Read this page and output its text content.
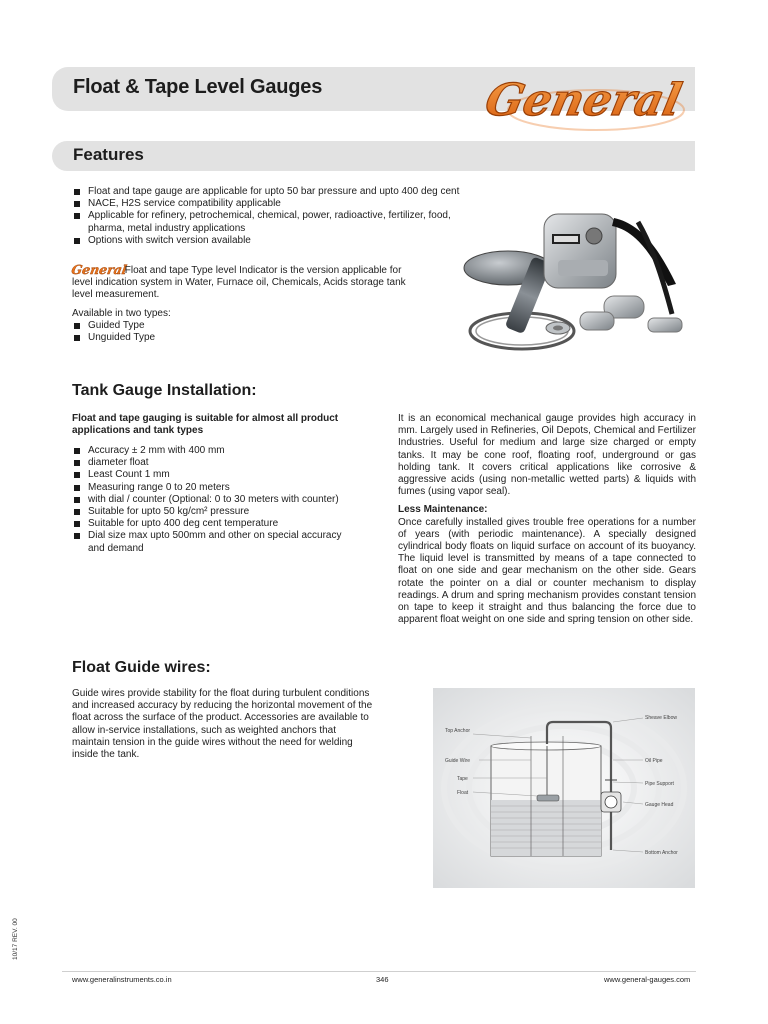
Float & Tape Level Gauges	General
Features
Float and tape gauge are applicable for upto 50 bar pressure and upto 400 deg cent
NACE, H2S service compatibility applicable
Applicable for refinery, petrochemical, chemical, power, radioactive, fertilizer, food,
pharma, metal industry applications
Options with switch version available
General
Float and tape Type level Indicator is the version applicable for level indication system in Water, Furnace oil, Chemicals, Acids storage tank level measurement.
Available in two types:
Guided Type
Unguided Type
Tank Gauge Installation:
Float and tape gauging is suitable for almost all product applications and tank types
Accuracy ± 2 mm with 400 mm
diameter float
Least Count 1 mm
Measuring range 0 to 20 meters
with dial / counter (Optional: 0 to 30 meters with counter)
Suitable for upto 50 kg/cm² pressure
Suitable for upto 400 deg cent temperature
Dial size max upto 500mm and other on special accuracy
and demand

It is an economical mechanical gauge provides high accuracy in mm. Largely used in Refineries, Oil Depots, Chemical and Fertilizer Industries. Useful for medium and large size charged or empty tanks. It may be cone roof, floating roof, underground or gas holding tank. It covers critical applications like corrosive & aggressive acids (using non-metallic wetted parts) & liquids with fumes (using vapor seal).

Less Maintenance:

Once carefully installed gives trouble free operations for a number of years (with periodic maintenance). A specially designed cylindrical body floats on liquid surface on account of its buoyancy. The liquid level is transmitted by means of a tape connected to float on one side and gear mechanism on the other side. Gears rotate the pointer on a dial or counter mechanism to display readings. A drum and spring mechanism provides constant tension on tape to keep it straight and thus balancing the force due to apparent float weight on one side and spring tension on other side.

Float Guide wires:
Guide wires provide stability for the float during turbulent conditions and increased accuracy by reducing the horizontal movement of the float across the surface of the product. Accessories are available to allow in-service installations, such as weighted anchors that maintain tension in the guide wires without the need for welding inside the tank.
Top Anchor
Guide Wire
Tape
Float
Sheave Elbow
Oil Pipe
Pipe Support
Gauge Head
Bottom Anchor
www.generalinstruments.co.in	346	www.general-gauges.com
10/17 REV. 00
